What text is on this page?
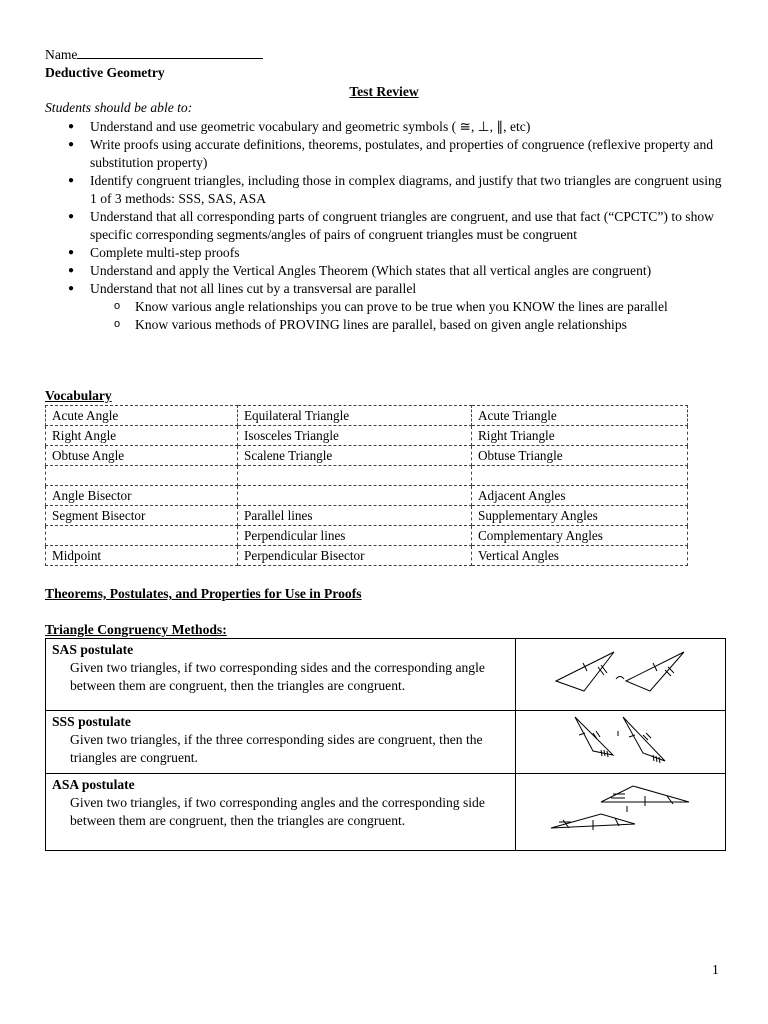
Name
Deductive Geometry
Test Review
Students should be able to:
● Understand and use geometric vocabulary and geometric symbols ( ≅, ⊥, ∥, etc)
● Write proofs using accurate definitions, theorems, postulates, and properties of congruence (reflexive property and substitution property)
● Identify congruent triangles, including those in complex diagrams, and justify that two triangles are congruent using 1 of 3 methods: SSS, SAS, ASA
● Understand that all corresponding parts of congruent triangles are congruent, and use that fact (“CPCTC”) to show specific corresponding segments/angles of pairs of congruent triangles must be congruent
● Complete multi-step proofs
● Understand and apply the Vertical Angles Theorem (Which states that all vertical angles are congruent)
● Understand that not all lines cut by a transversal are parallel
o Know various angle relationships you can prove to be true when you KNOW the lines are parallel
o Know various methods of PROVING lines are parallel, based on given angle relationships
Vocabulary
Acute Angle	Equilateral Triangle	Acute Triangle
Right Angle	Isosceles Triangle	Right Triangle
Obtuse Angle	Scalene Triangle	Obtuse Triangle

Angle Bisector		Adjacent Angles
Segment Bisector	Parallel lines	Supplementary Angles
	Perpendicular lines	Complementary Angles
Midpoint	Perpendicular Bisector	Vertical Angles
Theorems, Postulates, and Properties for Use in Proofs
Triangle Congruency Methods:
SAS postulate
Given two triangles, if two corresponding sides and the corresponding angle between them are congruent, then the triangles are congruent.

SSS postulate
Given two triangles, if the three corresponding sides are congruent, then the triangles are congruent.

ASA postulate
Given two triangles, if two corresponding angles and the corresponding side between them are congruent, then the triangles are congruent.

1
